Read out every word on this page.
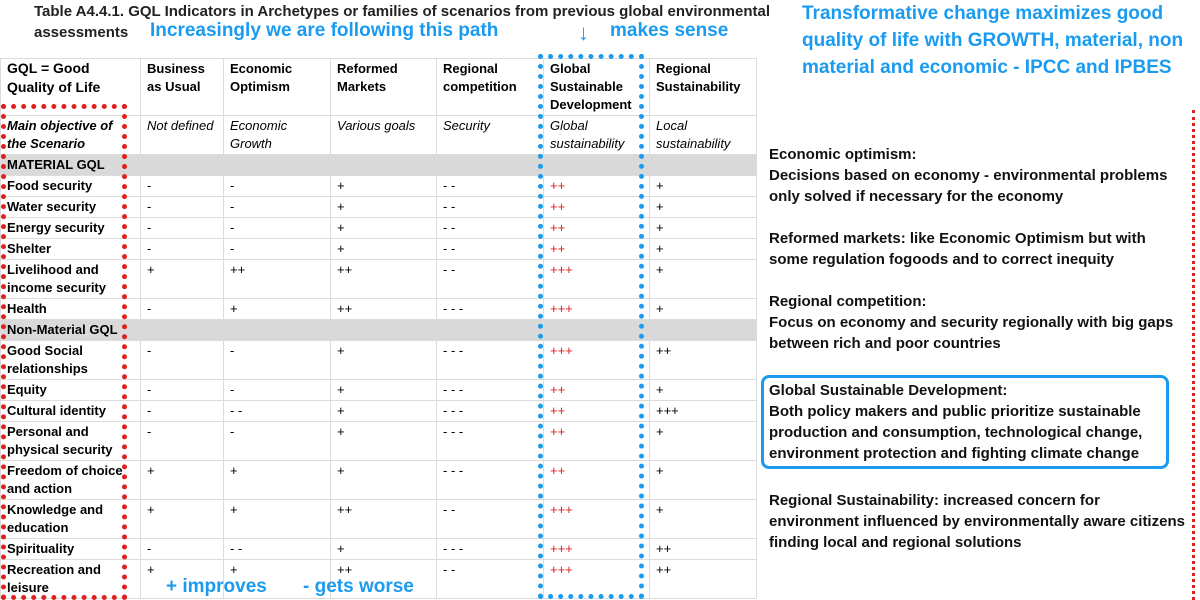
Table A4.4.1. GQL Indicators in Archetypes or families of scenarios from previous global environmental assessments	Increasingly we are following this path	↓ makes sense
GQL = Good Quality of Life	Business as Usual	Economic Optimism	Reformed Markets	Regional competition	Global Sustainable Development	Regional Sustainability
Main objective of the Scenario	Not defined	Economic Growth	Various goals	Security	Global sustainability	Local sustainability
MATERIAL GQL						
Food security	-	-	+	- -	++	+
Water security	-	-	+	- -	++	+
Energy security	-	-	+	- -	++	+
Shelter	-	-	+	- -	++	+
Livelihood and income security	+	++	++	- -	+++	+
Health	-	+	++	- - -	+++	+
Non-Material GQL						
Good Social relationships	-	-	+	- - -	+++	++
Equity	-	-	+	- - -	++	+
Cultural identity	-	- -	+	- - -	++	+++
Personal and physical security	-	-	+	- - -	++	+
Freedom of choice and action	+	+	+	- - -	++	+
Knowledge and education	+	+	++	- -	+++	+
Spirituality	-	- -	+	- - -	+++	++
Recreation and leisure	+	+	++	- -	+++	++
+ improves - gets worse
Transformative change maximizes good quality of life with GROWTH, material, non material and economic - IPCC and IPBES
Economic optimism:
Decisions based on economy - environmental problems only solved if necessary for the economy
Reformed markets: like Economic Optimism but with some regulation fogoods and to correct inequity
Regional competition:
Focus on economy and security regionally with big gaps between rich and poor countries
Global Sustainable Development:
Both policy makers and public prioritize sustainable production and consumption, technological change, environment protection and fighting climate change
Regional Sustainability: increased concern for environment influenced by environmentally aware citizens finding local and regional solutions
